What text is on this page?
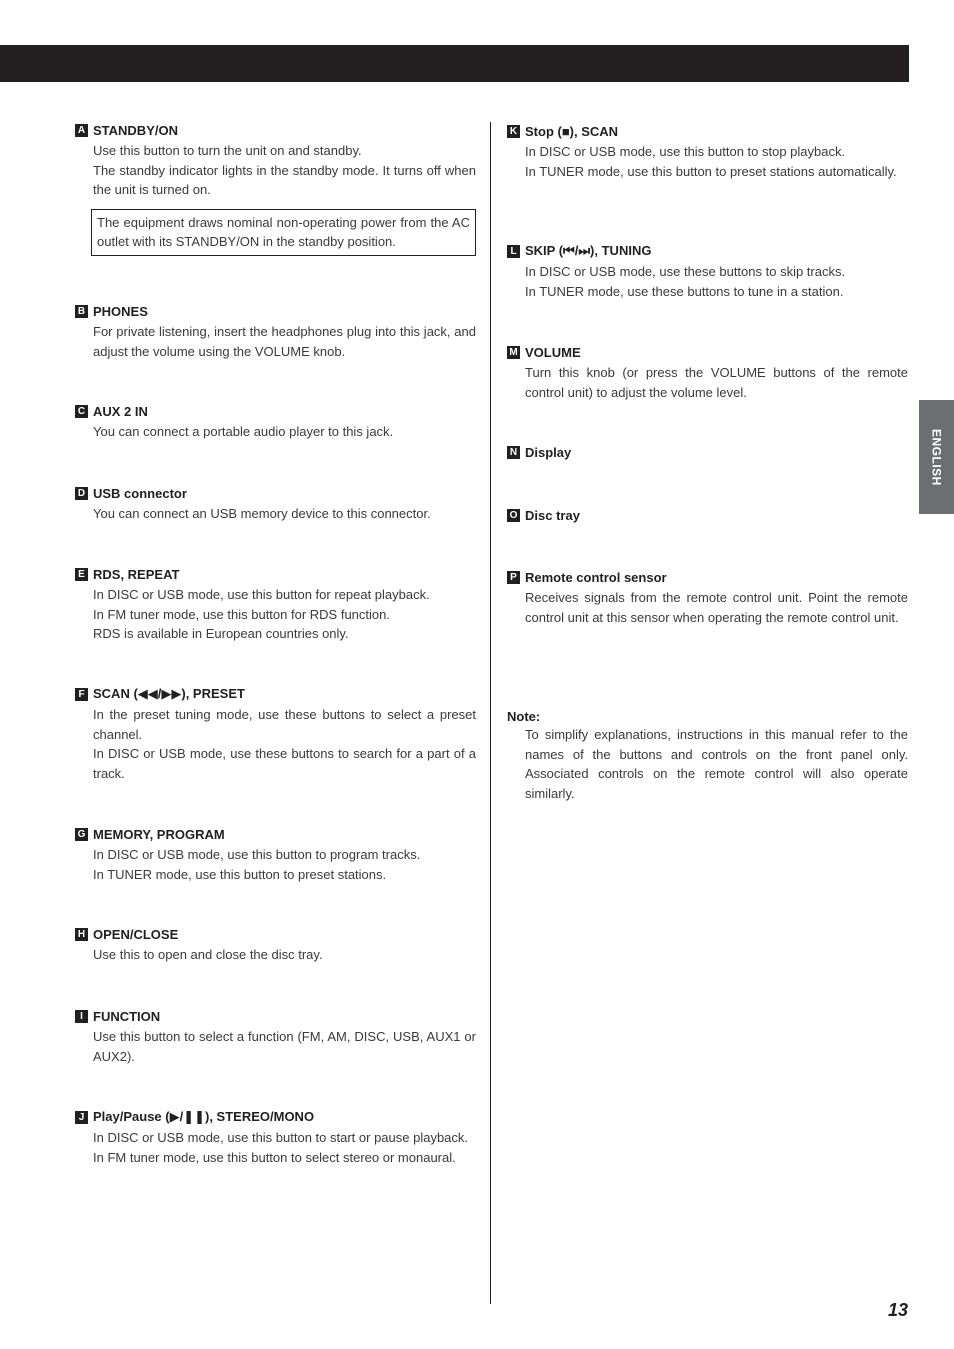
ENGLISH
A STANDBY/ON

Use this button to turn the unit on and standby.

The standby indicator lights in the standby mode. It turns off when the unit is turned on.

The equipment draws nominal non-operating power from the AC outlet with its STANDBY/ON in the standby position.
B PHONES

For private listening, insert the headphones plug into this jack, and adjust the volume using the VOLUME knob.

C AUX 2 IN

You can connect a portable audio player to this jack.

D USB connector

You can connect an USB memory device to this connector.

E RDS, REPEAT

In DISC or USB mode, use this button for repeat playback.

In FM tuner mode, use this button for RDS function.

RDS is available in European countries only.

F SCAN (◀◀/▶▶), PRESET

In the preset tuning mode, use these buttons to select a preset channel.

In DISC or USB mode, use these buttons to search for a part of a track.

G MEMORY, PROGRAM

In DISC or USB mode, use this button to program tracks.

In TUNER mode, use this button to preset stations.

H OPEN/CLOSE

Use this to open and close the disc tray.

I FUNCTION

Use this button to select a function (FM, AM, DISC, USB, AUX1 or AUX2).

J Play/Pause (▶/❚❚), STEREO/MONO

In DISC or USB mode, use this button to start or pause playback.

In FM tuner mode, use this button to select stereo or monaural.

K Stop (■), SCAN

In DISC or USB mode, use this button to stop playback.

In TUNER mode, use this button to preset stations automatically.

L SKIP (⏮/⏭), TUNING

In DISC or USB mode, use these buttons to skip tracks.

In TUNER mode, use these buttons to tune in a station.

M VOLUME

Turn this knob (or press the VOLUME buttons of the remote control unit) to adjust the volume level.

N Display
O Disc tray
P Remote control sensor

Receives signals from the remote control unit. Point the remote control unit at this sensor when operating the remote control unit.

Note:

To simplify explanations, instructions in this manual refer to the names of the buttons and controls on the front panel only. Associated controls on the remote control will also operate similarly.

13
